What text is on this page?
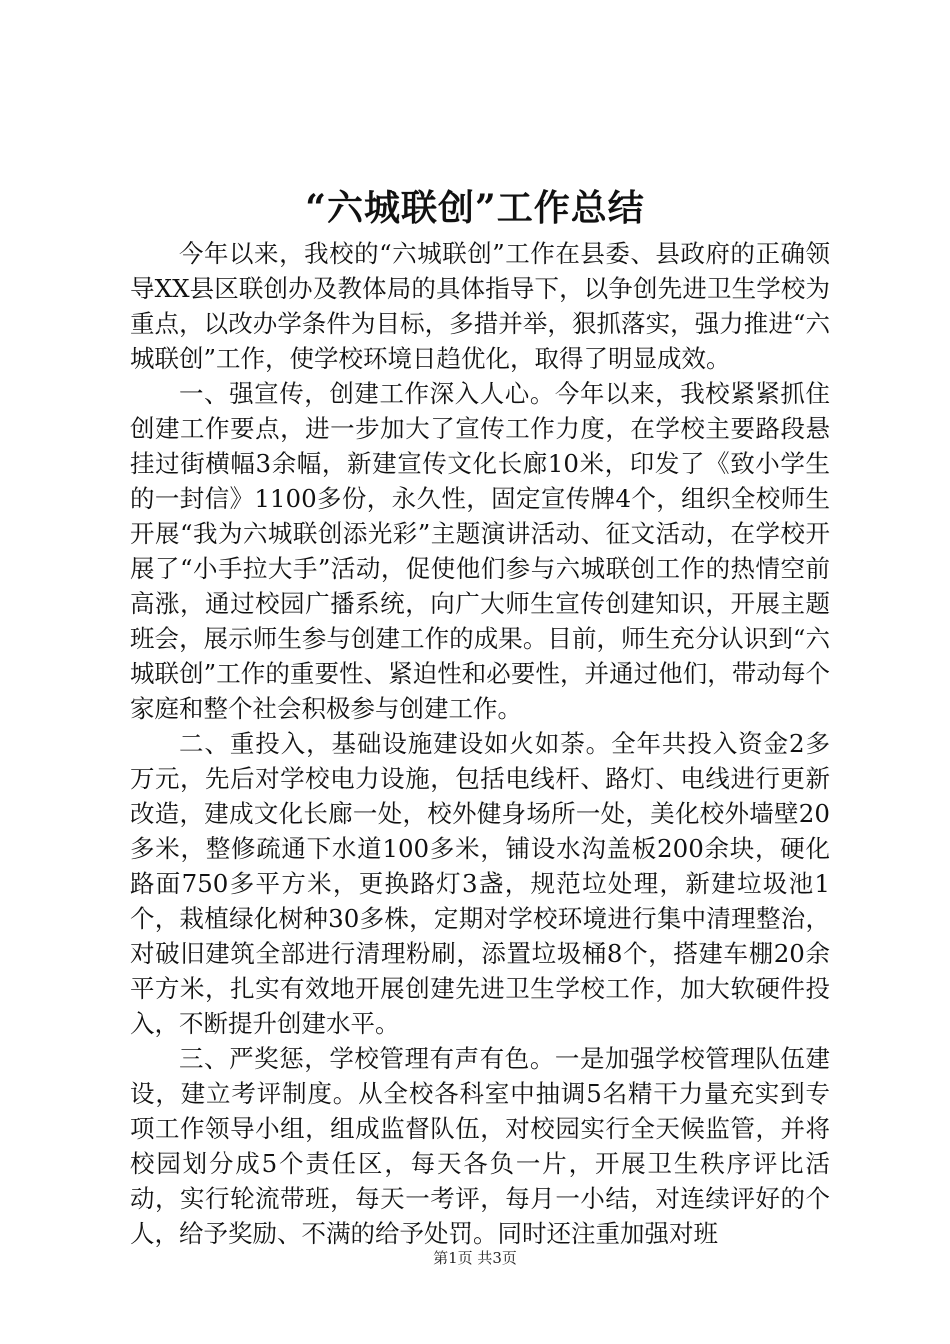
“六城联创”工作总结

今年以来，我校的“六城联创”工作在县委、县政府的正确领导XX县区联创办及教体局的具体指导下，以争创先进卫生学校为重点，以改办学条件为目标，多措并举，狠抓落实，强力推进“六城联创”工作，使学校环境日趋优化，取得了明显成效。

一、强宣传，创建工作深入人心。今年以来，我校紧紧抓住创建工作要点，进一步加大了宣传工作力度，在学校主要路段悬挂过街横幅3余幅，新建宣传文化长廊10米，印发了《致小学生的一封信》1100多份，永久性，固定宣传牌4个，组织全校师生开展“我为六城联创添光彩”主题演讲活动、征文活动，在学校开展了“小手拉大手”活动，促使他们参与六城联创工作的热情空前高涨，通过校园广播系统，向广大师生宣传创建知识，开展主题班会，展示师生参与创建工作的成果。目前，师生充分认识到“六城联创”工作的重要性、紧迫性和必要性，并通过他们，带动每个家庭和整个社会积极参与创建工作。

二、重投入，基础设施建设如火如荼。全年共投入资金2多万元，先后对学校电力设施，包括电线杆、路灯、电线进行更新改造，建成文化长廊一处，校外健身场所一处，美化校外墙壁20多米，整修疏通下水道100多米，铺设水沟盖板200余块，硬化路面750多平方米，更换路灯3盏，规范垃处理，新建垃圾池1个，栽植绿化树种30多株，定期对学校环境进行集中清理整治，对破旧建筑全部进行清理粉刷，添置垃圾桶8个，搭建车棚20余平方米，扎实有效地开展创建先进卫生学校工作，加大软硬件投入，不断提升创建水平。

三、严奖惩，学校管理有声有色。一是加强学校管理队伍建设，建立考评制度。从全校各科室中抽调5名精干力量充实到专项工作领导小组，组成监督队伍，对校园实行全天候监管，并将校园划分成5个责任区，每天各负一片，开展卫生秩序评比活动，实行轮流带班，每天一考评，每月一小结，对连续评好的个人，给予奖励、不满的给予处罚。同时还注重加强对班

第1页 共3页
